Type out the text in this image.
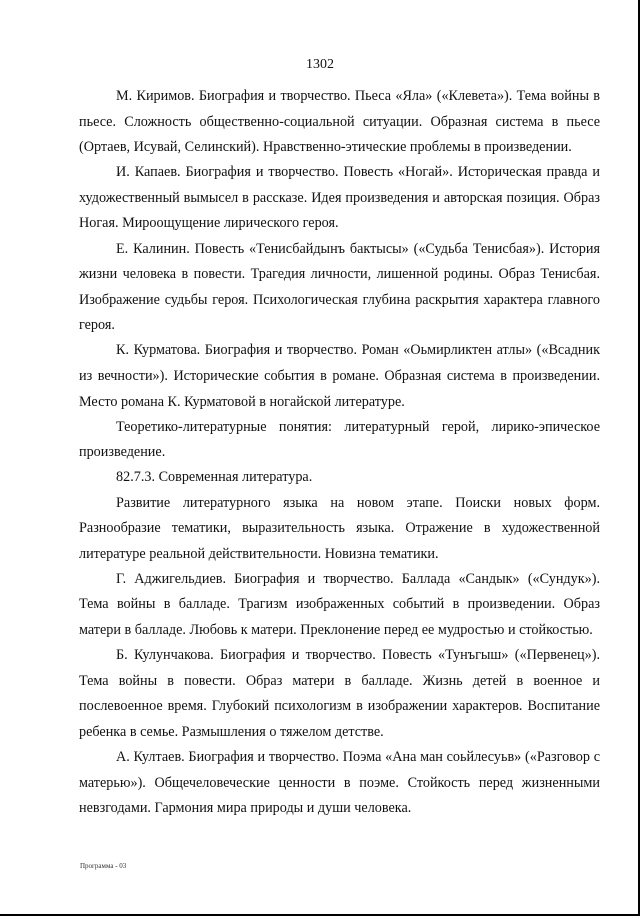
1302

М. Киримов. Биография и творчество. Пьеса «Яла» («Клевета»). Тема войны в пьесе. Сложность общественно-социальной ситуации. Образная система в пьесе (Ортаев, Исувай, Селинский). Нравственно-этические проблемы в произведении.

И. Капаев. Биография и творчество. Повесть «Ногай». Историческая правда и художественный вымысел в рассказе. Идея произведения и авторская позиция. Образ Ногая. Мироощущение лирического героя.

Е. Калинин. Повесть «Тенисбайдынъ бактысы» («Судьба Тенисбая»). История жизни человека в повести. Трагедия личности, лишенной родины. Образ Тенисбая. Изображение судьбы героя. Психологическая глубина раскрытия характера главного героя.

К. Курматова. Биография и творчество. Роман «Оьмирликтен атлы» («Всадник из вечности»). Исторические события в романе. Образная система в произведении. Место романа К. Курматовой в ногайской литературе.

Теоретико-литературные понятия: литературный герой, лирико-эпическое произведение.

82.7.3. Современная литература.

Развитие литературного языка на новом этапе. Поиски новых форм. Разнообразие тематики, выразительность языка. Отражение в художественной литературе реальной действительности. Новизна тематики.

Г. Аджигельдиев. Биография и творчество. Баллада «Сандык» («Сундук»). Тема войны в балладе. Трагизм изображенных событий в произведении. Образ матери в балладе. Любовь к матери. Преклонение перед ее мудростью и стойкостью.

Б. Кулунчакова. Биография и творчество. Повесть «Тунъгыш» («Первенец»). Тема войны в повести. Образ матери в балладе. Жизнь детей в военное и послевоенное время. Глубокий психологизм в изображении характеров. Воспитание ребенка в семье. Размышления о тяжелом детстве.

А. Култаев. Биография и творчество. Поэма «Ана ман соьйлесуьв» («Разговор с матерью»). Общечеловеческие ценности в поэме. Стойкость перед жизненными невзгодами. Гармония мира природы и души человека.

Программа - 03
